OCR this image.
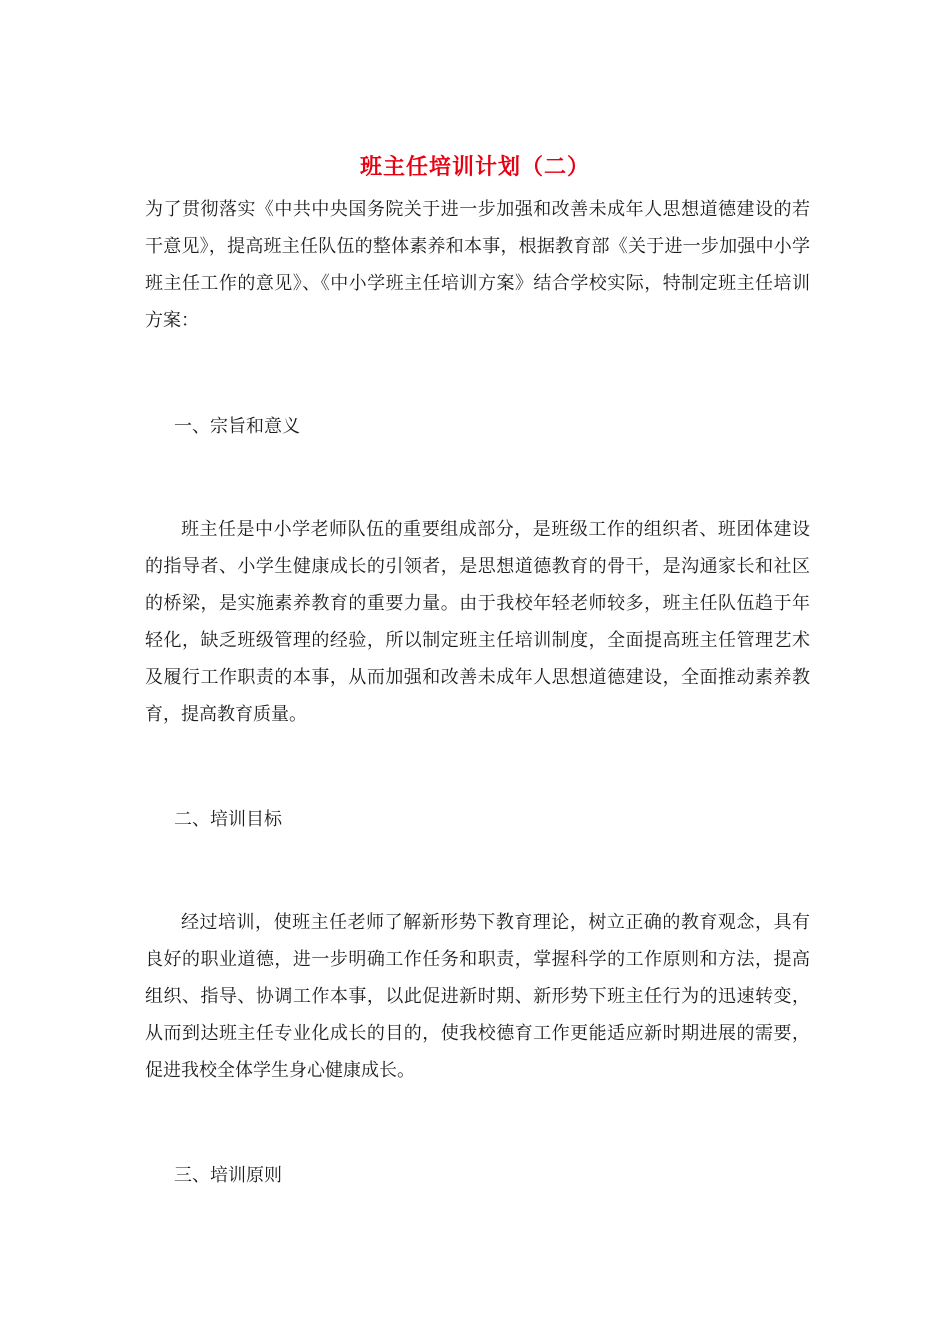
班主任培训计划（二）
为了贯彻落实《中共中央国务院关于进一步加强和改善未成年人思想道德建设的若干意见》，提高班主任队伍的整体素养和本事，根据教育部《关于进一步加强中小学班主任工作的意见》、《中小学班主任培训方案》结合学校实际，特制定班主任培训方案：
一、宗旨和意义
班主任是中小学老师队伍的重要组成部分，是班级工作的组织者、班团体建设的指导者、小学生健康成长的引领者，是思想道德教育的骨干，是沟通家长和社区的桥梁，是实施素养教育的重要力量。由于我校年轻老师较多，班主任队伍趋于年轻化，缺乏班级管理的经验，所以制定班主任培训制度，全面提高班主任管理艺术及履行工作职责的本事，从而加强和改善未成年人思想道德建设，全面推动素养教育，提高教育质量。
二、培训目标
经过培训，使班主任老师了解新形势下教育理论，树立正确的教育观念，具有良好的职业道德，进一步明确工作任务和职责，掌握科学的工作原则和方法，提高组织、指导、协调工作本事，以此促进新时期、新形势下班主任行为的迅速转变，从而到达班主任专业化成长的目的，使我校德育工作更能适应新时期进展的需要，促进我校全体学生身心健康成长。
三、培训原则
